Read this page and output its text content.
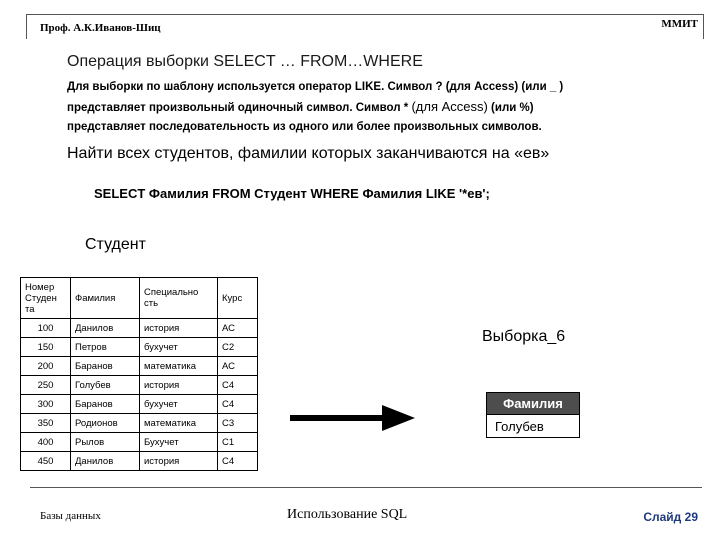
Проф. А.К.Иванов-Шиц	ММИТ
Операция выборки SELECT … FROM…WHERE
Для выборки по шаблону используется оператор LIKE. Символ ? (для Access) (или _ )
представляет произвольный одиночный символ. Символ * (для Access) (или %)
представляет последовательность из одного или более произвольных символов.
Найти всех студентов, фамилии которых заканчиваются на «ев»
SELECT Фамилия FROM Студент WHERE Фамилия LIKE '*ев';
Студент
Номер Студен та	Фамилия	Специально сть	Курс
100	Данилов	история	АС
150	Петров	бухучет	С2
200	Баранов	математика	АС
250	Голубев	история	С4
300	Баранов	бухучет	С4
350	Родионов	математика	С3
400	Рылов	Бухучет	С1
450	Данилов	история	С4
Выборка_6
Фамилия
Голубев
Базы данных	Использование SQL	Слайд 29
